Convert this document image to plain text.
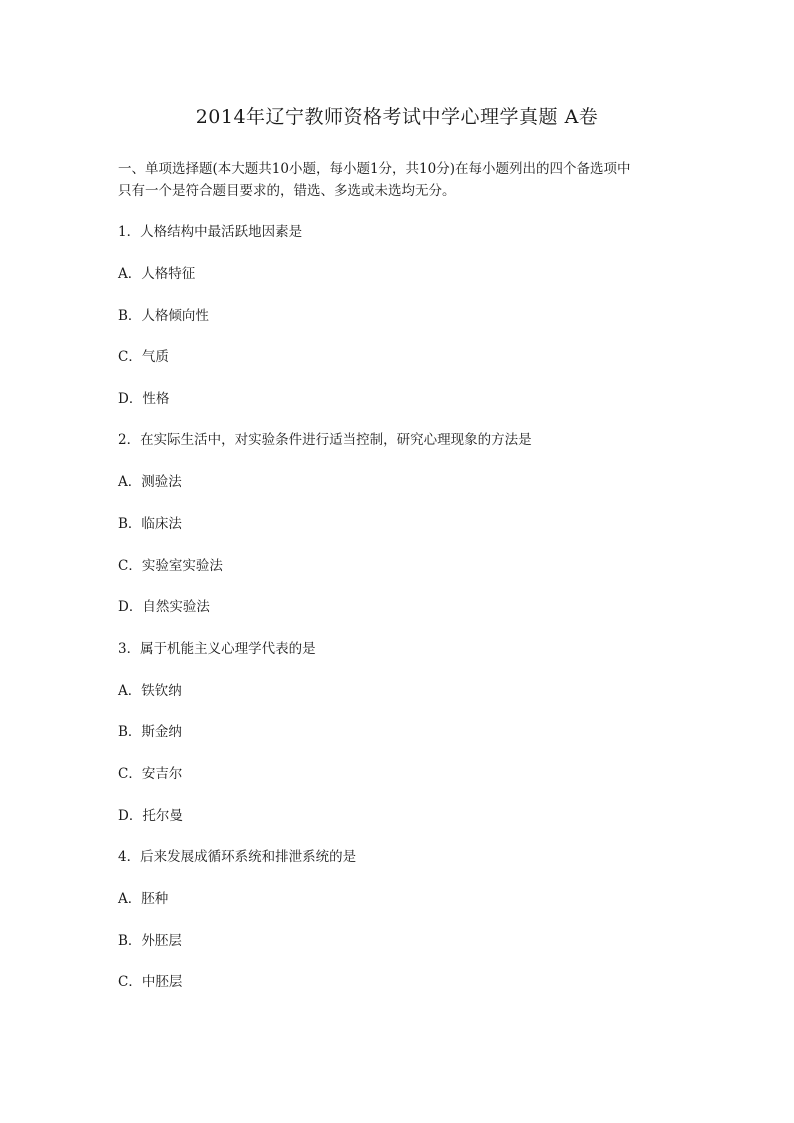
2014年辽宁教师资格考试中学心理学真题 A卷
一、单项选择题(本大题共10小题，每小题1分，共10分)在每小题列出的四个备选项中
只有一个是符合题目要求的，错选、多选或未选均无分。
1．人格结构中最活跃地因素是
A．人格特征
B．人格倾向性
C．气质
D．性格
2．在实际生活中，对实验条件进行适当控制，研究心理现象的方法是
A．测验法
B．临床法
C．实验室实验法
D．自然实验法
3．属于机能主义心理学代表的是
A．铁钦纳
B．斯金纳
C．安吉尔
D．托尔曼
4．后来发展成循环系统和排泄系统的是
A．胚种
B．外胚层
C．中胚层
